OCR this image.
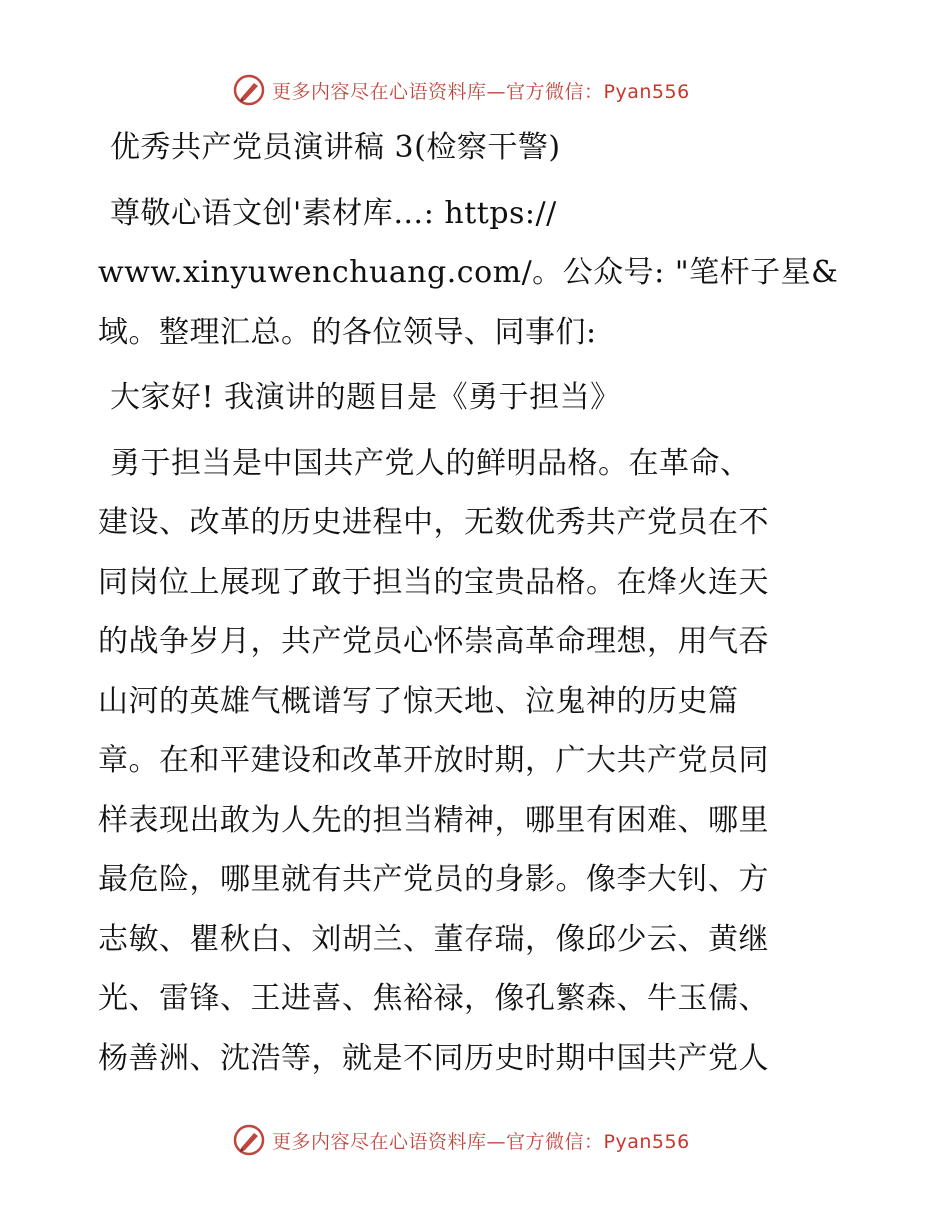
更多内容尽在心语资料库—官方微信：Pyan556

优秀共产党员演讲稿 3(检察干警)

尊敬心语文创'素材库…: https://
www.xinyuwenchuang.com/。公众号: "笔杆子星&
域。整理汇总。的各位领导、同事们:

大家好! 我演讲的题目是《勇于担当》

勇于担当是中国共产党人的鲜明品格。在革命、
建设、改革的历史进程中，无数优秀共产党员在不
同岗位上展现了敢于担当的宝贵品格。在烽火连天
的战争岁月，共产党员心怀崇高革命理想，用气吞
山河的英雄气概谱写了惊天地、泣鬼神的历史篇
章。在和平建设和改革开放时期，广大共产党员同
样表现出敢为人先的担当精神，哪里有困难、哪里
最危险，哪里就有共产党员的身影。像李大钊、方
志敏、瞿秋白、刘胡兰、董存瑞，像邱少云、黄继
光、雷锋、王进喜、焦裕禄，像孔繁森、牛玉儒、
杨善洲、沈浩等，就是不同历史时期中国共产党人

更多内容尽在心语资料库—官方微信：Pyan556
